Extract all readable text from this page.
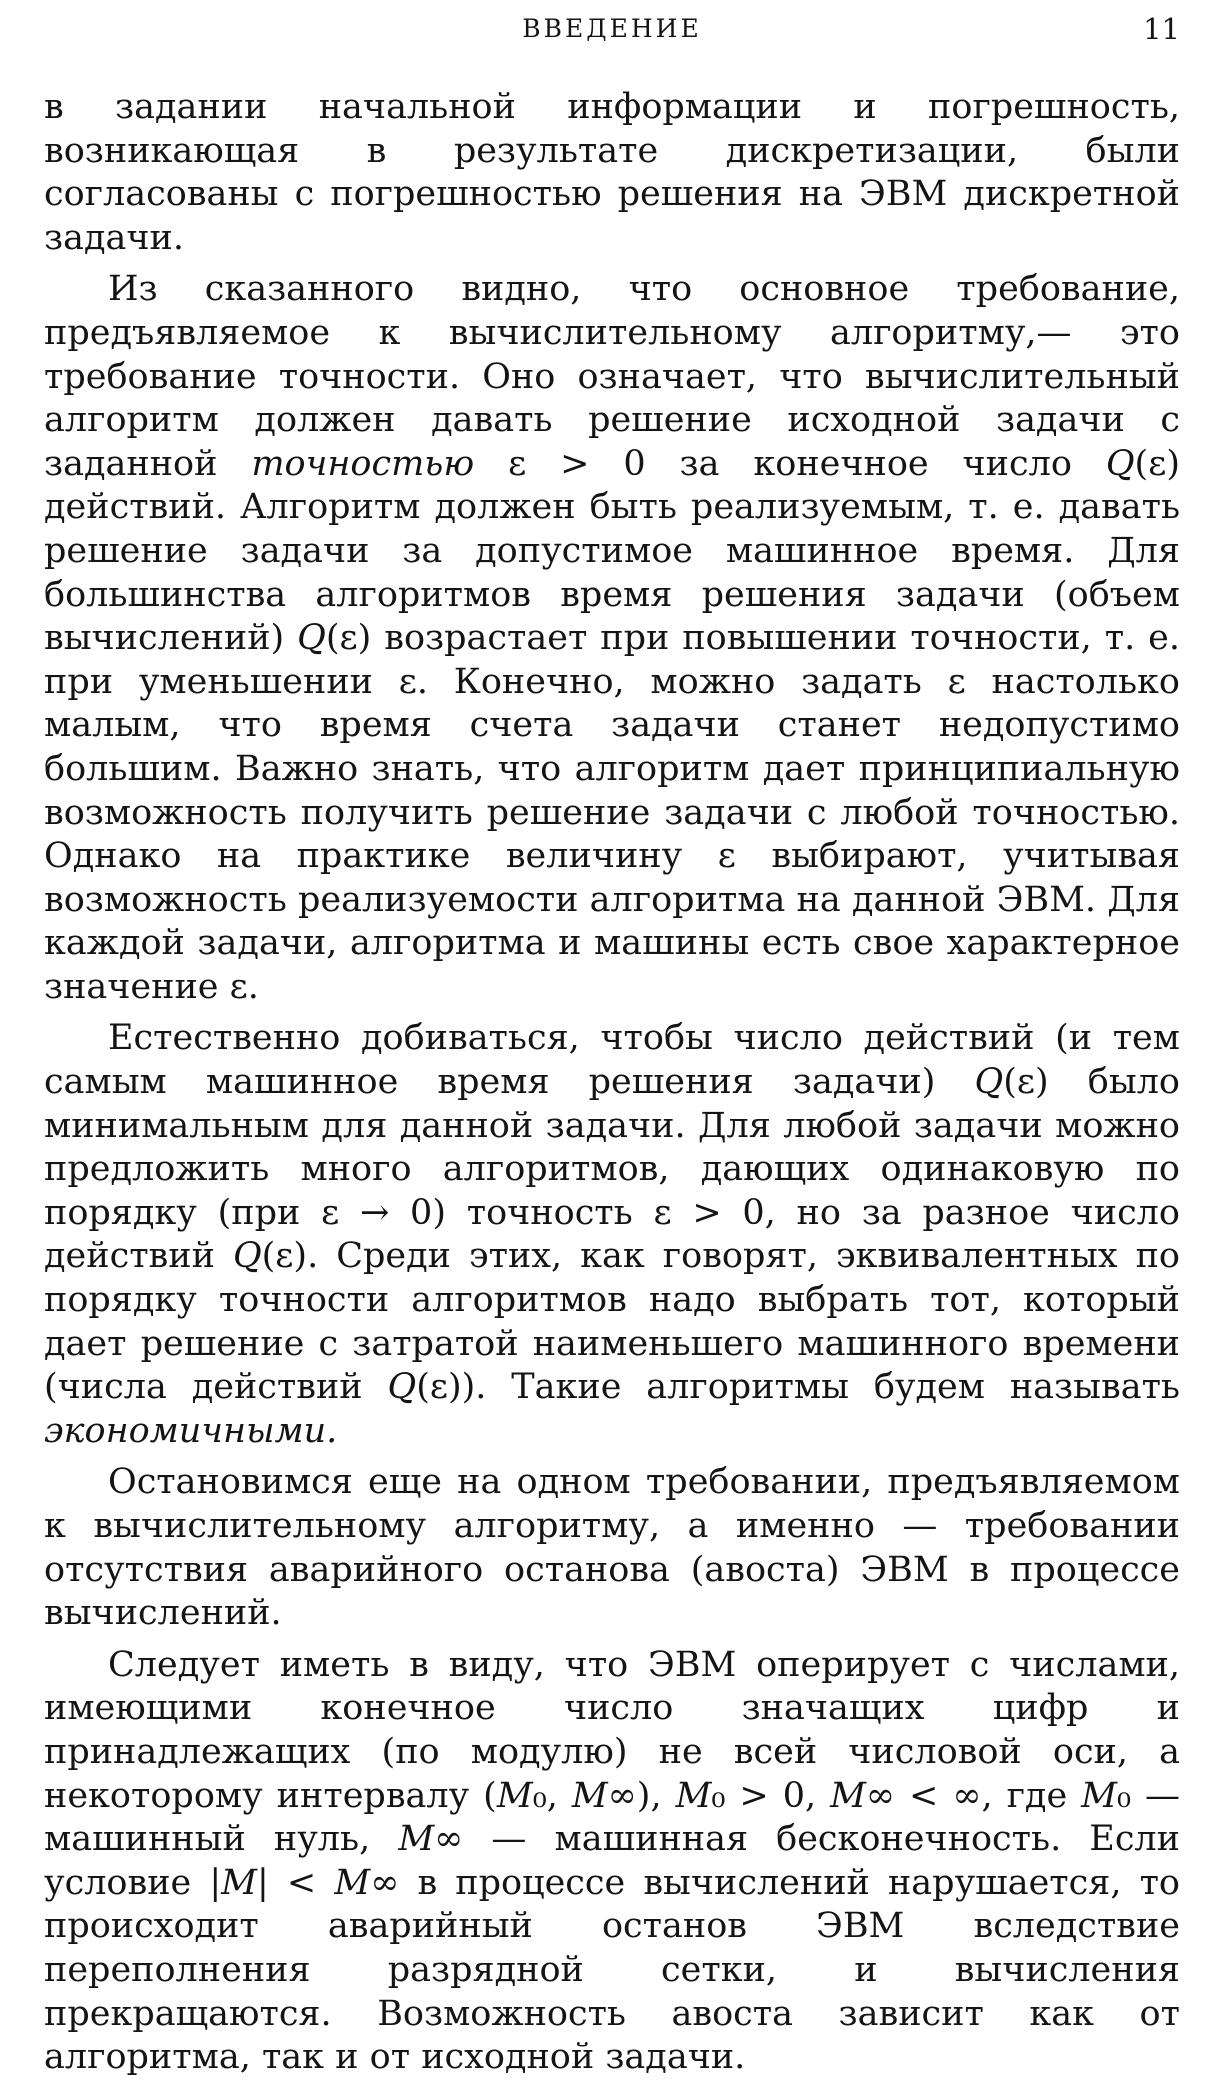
ВВЕДЕНИЕ	11

в задании начальной информации и погрешность, возникающая в результате дискретизации, были согласованы с погрешностью решения на ЭВМ дискретной задачи.

Из сказанного видно, что основное требование, предъявляемое к вычислительному алгоритму,— это требование точности. Оно означает, что вычислительный алгоритм должен давать решение исходной задачи с заданной точностью ε > 0 за конечное число Q(ε) действий. Алгоритм должен быть реализуемым, т. е. давать решение задачи за допустимое машинное время. Для большинства алгоритмов время решения задачи (объем вычислений) Q(ε) возрастает при повышении точности, т. е. при уменьшении ε. Конечно, можно задать ε настолько малым, что время счета задачи станет недопустимо большим. Важно знать, что алгоритм дает принципиальную возможность получить решение задачи с любой точностью. Однако на практике величину ε выбирают, учитывая возможность реализуемости алгоритма на данной ЭВМ. Для каждой задачи, алгоритма и машины есть свое характерное значение ε.

Естественно добиваться, чтобы число действий (и тем самым машинное время решения задачи) Q(ε) было минимальным для данной задачи. Для любой задачи можно предложить много алгоритмов, дающих одинаковую по порядку (при ε → 0) точность ε > 0, но за разное число действий Q(ε). Среди этих, как говорят, эквивалентных по порядку точности алгоритмов надо выбрать тот, который дает решение с затратой наименьшего машинного времени (числа действий Q(ε)). Такие алгоритмы будем называть экономичными.

Остановимся еще на одном требовании, предъявляемом к вычислительному алгоритму, а именно — требовании отсутствия аварийного останова (авоста) ЭВМ в процессе вычислений.

Следует иметь в виду, что ЭВМ оперирует с числами, имеющими конечное число значащих цифр и принадлежащих (по модулю) не всей числовой оси, а некоторому интервалу (M₀, M∞), M₀ > 0, M∞ < ∞, где M₀ — машинный нуль, M∞ — машинная бесконечность. Если условие |M| < M∞ в процессе вычислений нарушается, то происходит аварийный останов ЭВМ вследствие переполнения разрядной сетки, и вычисления прекращаются. Возможность авоста зависит как от алгоритма, так и от исходной задачи.
